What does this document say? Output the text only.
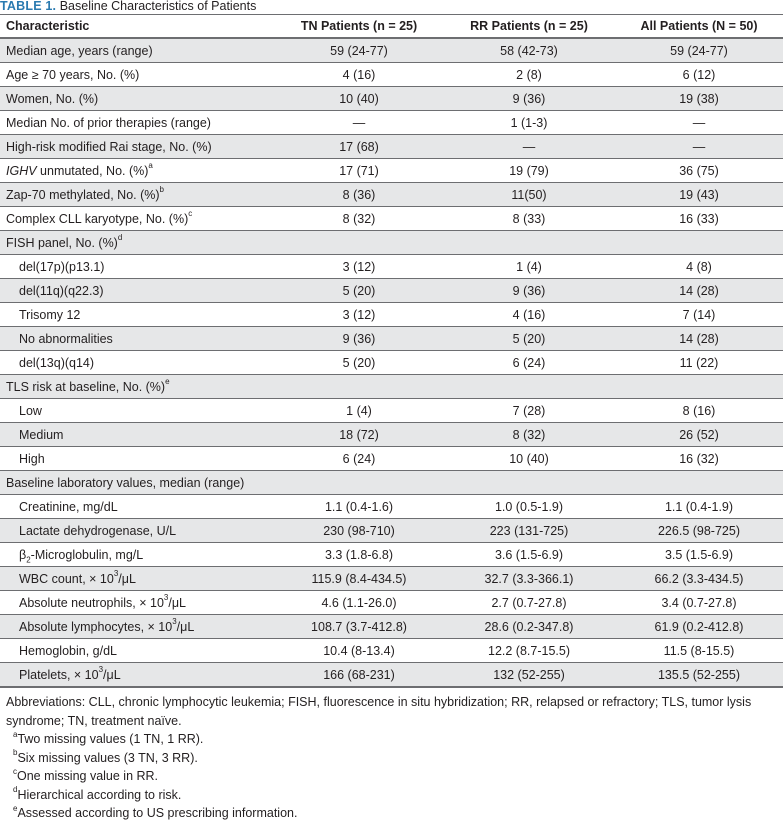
TABLE 1. Baseline Characteristics of Patients
Characteristic	TN Patients (n = 25)	RR Patients (n = 25)	All Patients (N = 50)
Median age, years (range)	59 (24-77)	58 (42-73)	59 (24-77)
Age ≥ 70 years, No. (%)	4 (16)	2 (8)	6 (12)
Women, No. (%)	10 (40)	9 (36)	19 (38)
Median No. of prior therapies (range)	—	1 (1-3)	—
High-risk modified Rai stage, No. (%)	17 (68)	—	—
IGHV unmutated, No. (%)$^a$	17 (71)	19 (79)	36 (75)
Zap-70 methylated, No. (%)$^b$	8 (36)	11(50)	19 (43)
Complex CLL karyotype, No. (%)$^c$	8 (32)	8 (33)	16 (33)
FISH panel, No. (%)$^d$			
del(17p)(p13.1)	3 (12)	1 (4)	4 (8)
del(11q)(q22.3)	5 (20)	9 (36)	14 (28)
Trisomy 12	3 (12)	4 (16)	7 (14)
No abnormalities	9 (36)	5 (20)	14 (28)
del(13q)(q14)	5 (20)	6 (24)	11 (22)
TLS risk at baseline, No. (%)$^e$			
Low	1 (4)	7 (28)	8 (16)
Medium	18 (72)	8 (32)	26 (52)
High	6 (24)	10 (40)	16 (32)
Baseline laboratory values, median (range)			
Creatinine, mg/dL	1.1 (0.4-1.6)	1.0 (0.5-1.9)	1.1 (0.4-1.9)
Lactate dehydrogenase, U/L	230 (98-710)	223 (131-725)	226.5 (98-725)
$\beta_2$-Microglobulin, mg/L	3.3 (1.8-6.8)	3.6 (1.5-6.9)	3.5 (1.5-6.9)
WBC count, × $10^3/\mu L$	115.9 (8.4-434.5)	32.7 (3.3-366.1)	66.2 (3.3-434.5)
Absolute neutrophils, × $10^3/\mu L$	4.6 (1.1-26.0)	2.7 (0.7-27.8)	3.4 (0.7-27.8)
Absolute lymphocytes, × $10^3/\mu L$	108.7 (3.7-412.8)	28.6 (0.2-347.8)	61.9 (0.2-412.8)
Hemoglobin, g/dL	10.4 (8-13.4)	12.2 (8.7-15.5)	11.5 (8-15.5)
Platelets, × $10^3/\mu L$	166 (68-231)	132 (52-255)	135.5 (52-255)
Abbreviations: CLL, chronic lymphocytic leukemia; FISH, fluorescence in situ hybridization; RR, relapsed or refractory; TLS, tumor lysis syndrome; TN, treatment naïve.
$^a$Two missing values (1 TN, 1 RR).
$^b$Six missing values (3 TN, 3 RR).
$^c$One missing value in RR.
$^d$Hierarchical according to risk.
$^e$Assessed according to US prescribing information.
